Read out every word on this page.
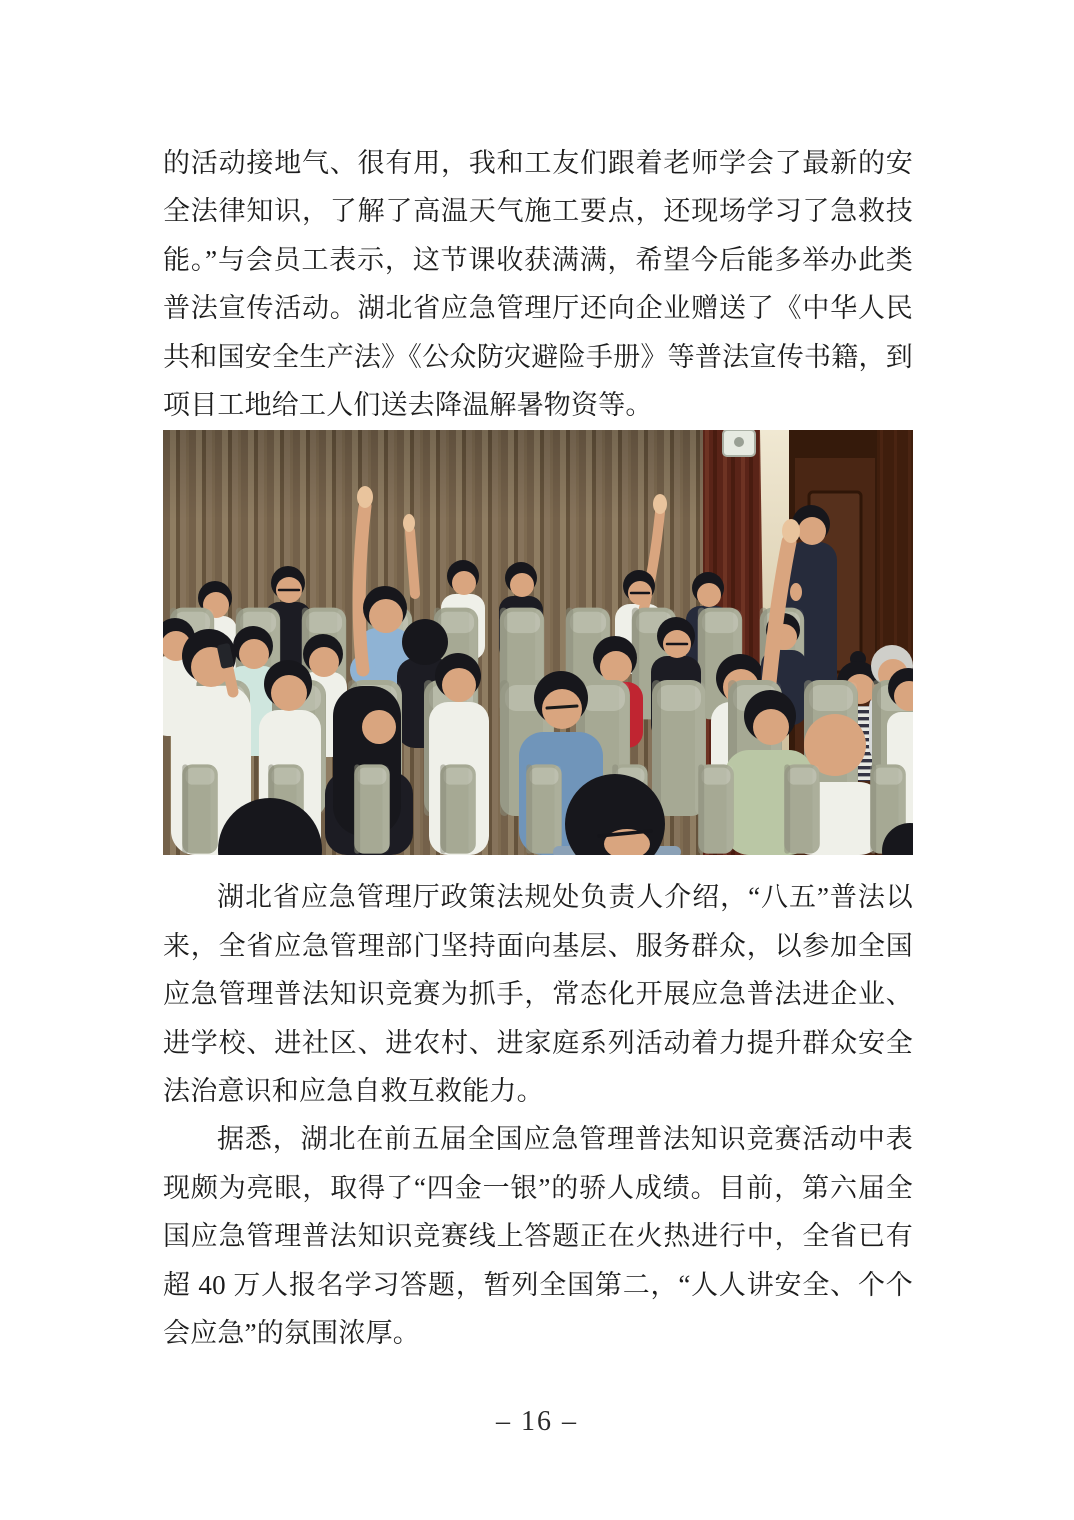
的活动接地气、很有用，我和工友们跟着老师学会了最新的安全法律知识，了解了高温天气施工要点，还现场学习了急救技能。”与会员工表示，这节课收获满满，希望今后能多举办此类普法宣传活动。湖北省应急管理厅还向企业赠送了《中华人民共和国安全生产法》《公众防灾避险手册》等普法宣传书籍，到项目工地给工人们送去降温解暑物资等。

湖北省应急管理厅政策法规处负责人介绍，“八五”普法以来，全省应急管理部门坚持面向基层、服务群众，以参加全国应急管理普法知识竞赛为抓手，常态化开展应急普法进企业、进学校、进社区、进农村、进家庭系列活动着力提升群众安全法治意识和应急自救互救能力。

据悉，湖北在前五届全国应急管理普法知识竞赛活动中表现颇为亮眼，取得了“四金一银”的骄人成绩。目前，第六届全国应急管理普法知识竞赛线上答题正在火热进行中，全省已有超 40 万人报名学习答题，暂列全国第二，“人人讲安全、个个会应急”的氛围浓厚。

– 16 –
